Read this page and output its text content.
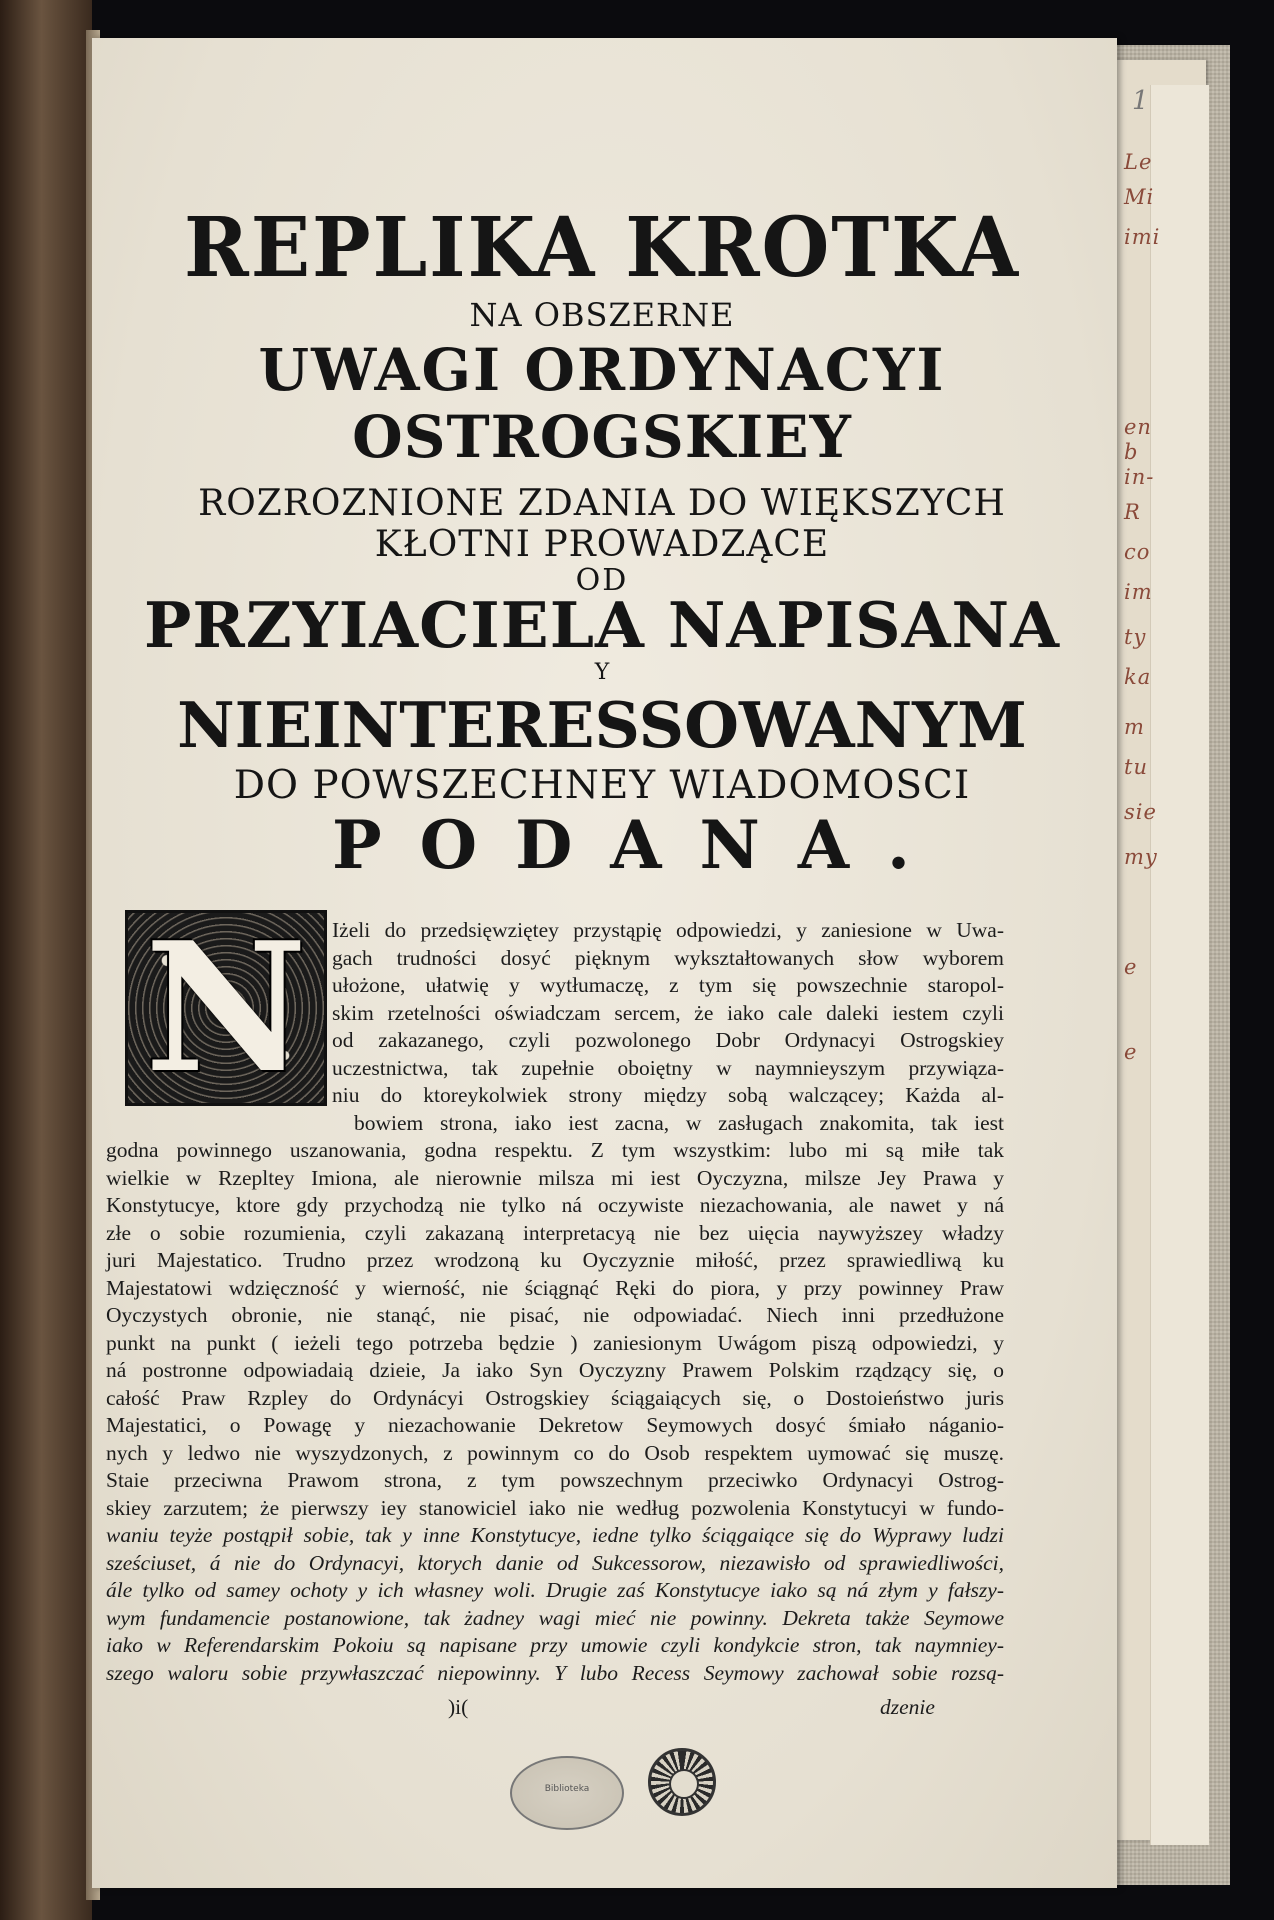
Le
Mi
imi
en
b
in-
R
co
im
ty
ka
m
tu
sie
my
e
e
1
REPLIKA KROTKA
NA OBSZERNE
UWAGI ORDYNACYI
OSTROGSKIEY
ROZROZNIONE ZDANIA DO WIĘKSZYCH
KŁOTNI PROWADZĄCE
OD
PRZYIACIELA NAPISANA
Y
NIEINTERESSOWANYM
DO POWSZECHNEY WIADOMOSCI
PODANA.
N	Iżeli do przedsięwziętey przystąpię odpowiedzi, y zaniesione w Uwa-
gach trudności dosyć pięknym wykształtowanych słow wyborem
ułożone, ułatwię y wytłumaczę, z tym się powszechnie staropol-
skim rzetelności oświadczam sercem, że iako cale daleki iestem czyli
od zakazanego, czyli pozwolonego Dobr Ordynacyi Ostrogskiey
uczestnictwa, tak zupełnie oboiętny w naymnieyszym przywiąza-
niu do ktoreykolwiek strony między sobą walczącey; Każda al-
bowiem strona, iako iest zacna, w zasługach znakomita, tak iest
godna powinnego uszanowania, godna respektu. Z tym wszystkim: lubo mi są miłe tak
wielkie w Rzepltey Imiona, ale nierownie milsza mi iest Oyczyzna, milsze Jey Prawa y
Konstytucye, ktore gdy przychodzą nie tylko ná oczywiste niezachowania, ale nawet y ná
złe o sobie rozumienia, czyli zakazaną interpretacyą nie bez uięcia naywyższey władzy
juri Majestatico. Trudno przez wrodzoną ku Oyczyznie miłość, przez sprawiedliwą ku
Majestatowi wdzięczność y wierność, nie ściągnąć Ręki do piora, y przy powinney Praw
Oyczystych obronie, nie stanąć, nie pisać, nie odpowiadać. Niech inni przedłużone
punkt na punkt ( ieżeli tego potrzeba będzie ) zaniesionym Uwágom piszą odpowiedzi, y
ná postronne odpowiadaią dzieie, Ja iako Syn Oyczyzny Prawem Polskim rządzący się, o
całość Praw Rzpley do Ordynácyi Ostrogskiey ściągaiących się, o Dostoieństwo juris
Majestatici, o Powagę y niezachowanie Dekretow Seymowych dosyć śmiało náganio-
nych y ledwo nie wyszydzonych, z powinnym co do Osob respektem uymować się muszę.
Staie przeciwna Prawom strona, z tym powszechnym przeciwko Ordynacyi Ostrog-
skiey zarzutem; że pierwszy iey stanowiciel iako nie według pozwolenia Konstytucyi w fundo-
waniu teyże postąpił sobie, tak y inne Konstytucye, iedne tylko ściągaiące się do Wyprawy ludzi
sześciuset, á nie do Ordynacyi, ktorych danie od Sukcessorow, niezawisło od sprawiedliwości,
ále tylko od samey ochoty y ich własney woli. Drugie zaś Konstytucye iako są ná złym y fałszy-
wym fundamencie postanowione, tak żadney wagi mieć nie powinny. Dekreta także Seymowe
iako w Referendarskim Pokoiu są napisane przy umowie czyli kondykcie stron, tak naymniey-
szego waloru sobie przywłaszczać niepowinny. Y lubo Recess Seymowy zachował sobie rozsą-
)i(	dzenie
Biblioteka
